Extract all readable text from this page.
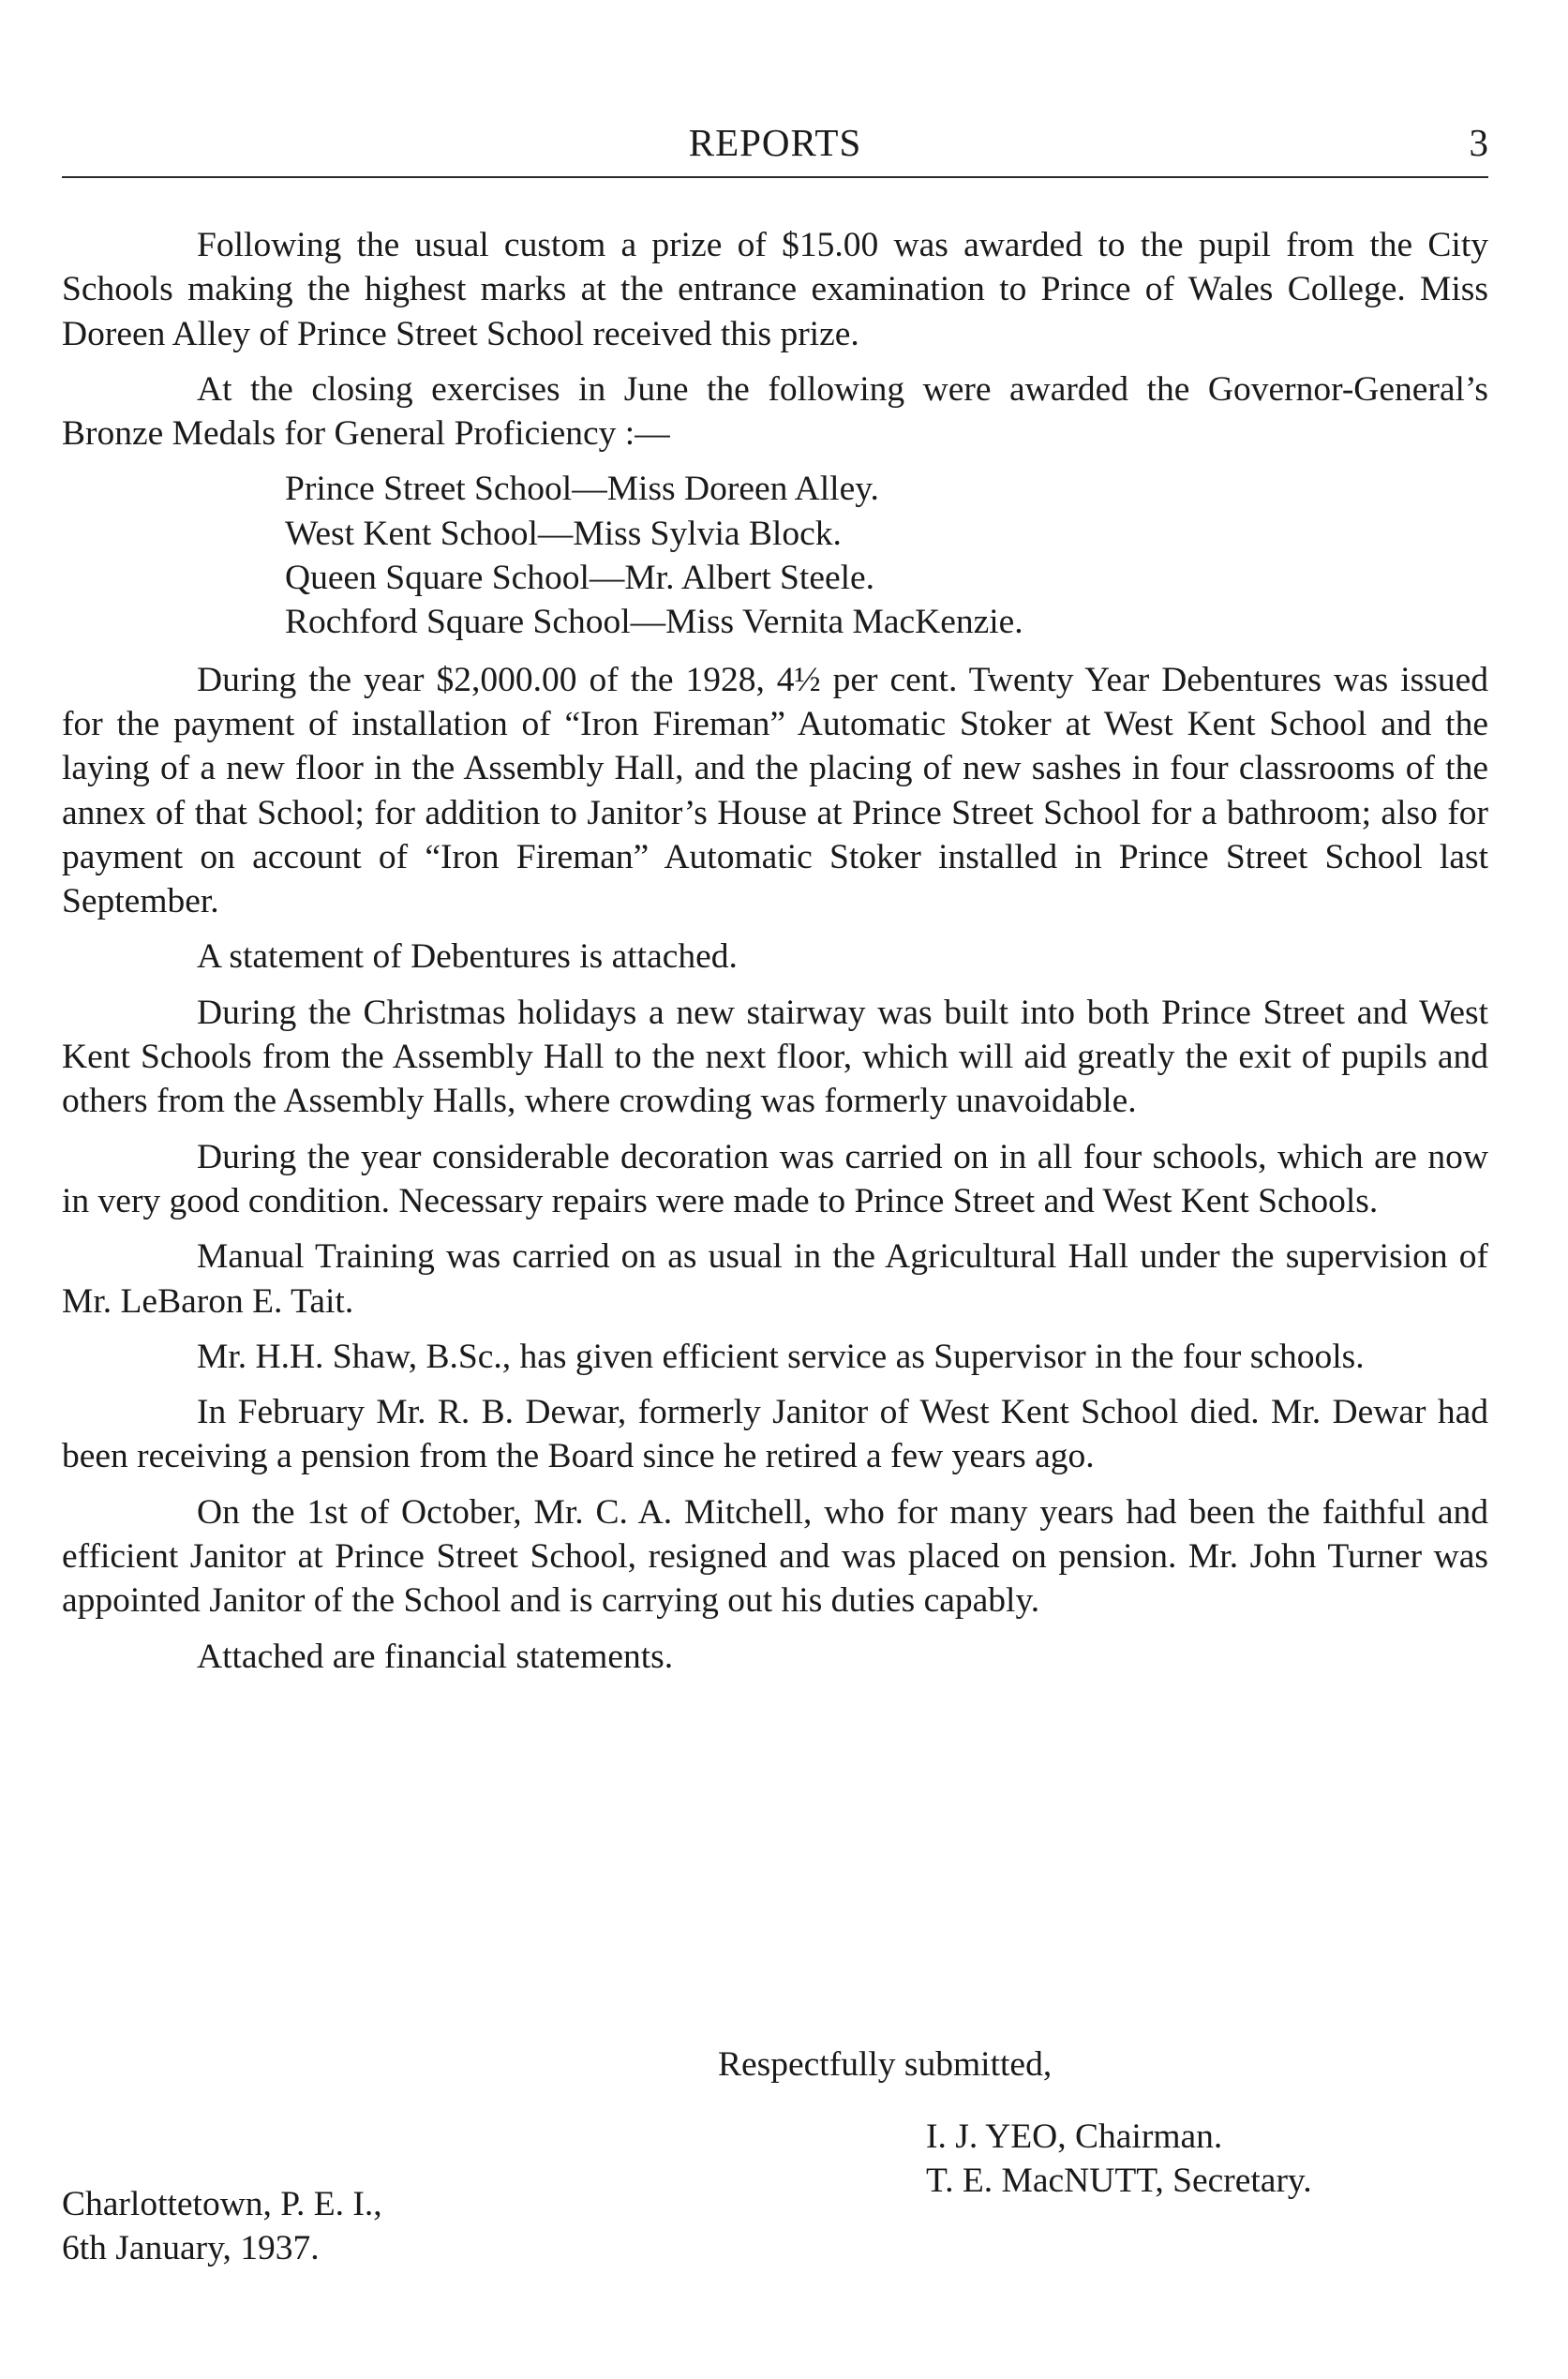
REPORTS	3

Following the usual custom a prize of $15.00 was awarded to the pupil from the City Schools making the highest marks at the entrance examination to Prince of Wales College. Miss Doreen Alley of Prince Street School received this prize.

At the closing exercises in June the following were awarded the Governor-General’s Bronze Medals for General Proficiency :—

Prince Street School—Miss Doreen Alley.
West Kent School—Miss Sylvia Block.
Queen Square School—Mr. Albert Steele.
Rochford Square School—Miss Vernita MacKenzie.

During the year $2,000.00 of the 1928, 4½ per cent. Twenty Year Debentures was issued for the payment of installation of “Iron Fireman” Automatic Stoker at West Kent School and the laying of a new floor in the Assembly Hall, and the placing of new sashes in four classrooms of the annex of that School; for addition to Janitor’s House at Prince Street School for a bathroom; also for payment on account of “Iron Fireman” Automatic Stoker installed in Prince Street School last September.

A statement of Debentures is attached.

During the Christmas holidays a new stairway was built into both Prince Street and West Kent Schools from the Assembly Hall to the next floor, which will aid greatly the exit of pupils and others from the Assembly Halls, where crowding was formerly unavoidable.

During the year considerable decoration was carried on in all four schools, which are now in very good condition. Necessary repairs were made to Prince Street and West Kent Schools.

Manual Training was carried on as usual in the Agricultural Hall under the supervision of Mr. LeBaron E. Tait.

Mr. H.H. Shaw, B.Sc., has given efficient service as Supervisor in the four schools.

In February Mr. R. B. Dewar, formerly Janitor of West Kent School died. Mr. Dewar had been receiving a pension from the Board since he retired a few years ago.

On the 1st of October, Mr. C. A. Mitchell, who for many years had been the faithful and efficient Janitor at Prince Street School, resigned and was placed on pension. Mr. John Turner was appointed Janitor of the School and is carrying out his duties capably.

Attached are financial statements.

Respectfully submitted,
I. J. YEO, Chairman.
T. E. MacNUTT, Secretary.
Charlottetown, P. E. I.,
6th January, 1937.
